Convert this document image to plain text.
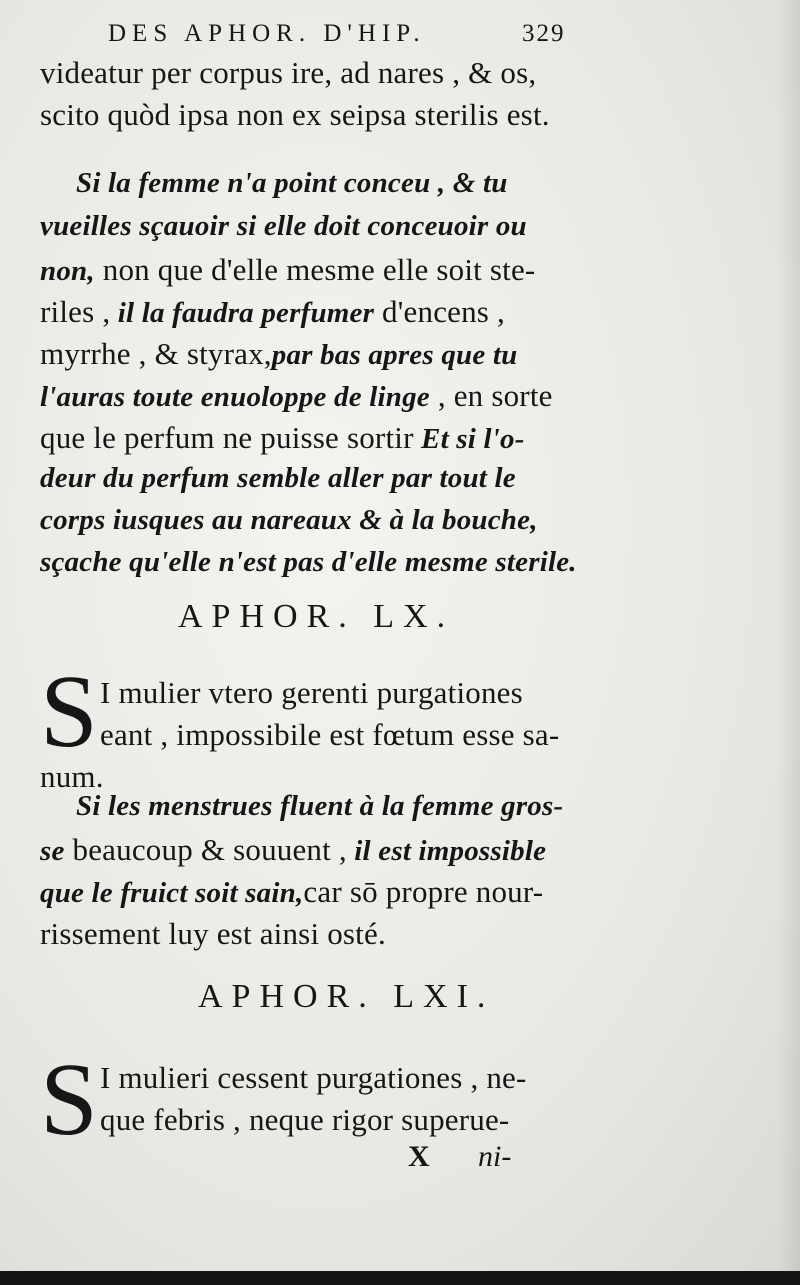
DES APHOR. D'HIP.	329
videatur per corpus ire, ad nares , & os,
scito quòd ipsa non ex seipsa sterilis est.
Si la femme n'a point conceu , & tu
vueilles sçauoir si elle doit conceuoir ou
non, non que d'elle mesme elle soit ste-
riles , il la faudra perfumer d'encens ,
myrrhe , & styrax,par bas apres que tu
l'auras toute enuoloppe de linge , en sorte
que le perfum ne puisse sortir Et si l'o-
deur du perfum semble aller par tout le
corps iusques au nareaux & à la bouche,
sçache qu'elle n'est pas d'elle mesme sterile.
APHOR. LX.
S I mulier vtero gerenti purgationes
eant , impossibile est fœtum esse sa-
num.
Si les menstrues fluent à la femme gros-
se beaucoup & souuent , il est impossible
que le fruict soit sain,car sō propre nour-
rissement luy est ainsi osté.
APHOR. LXI.
S I mulieri cessent purgationes , ne-
que febris , neque rigor superue-
X ni-
